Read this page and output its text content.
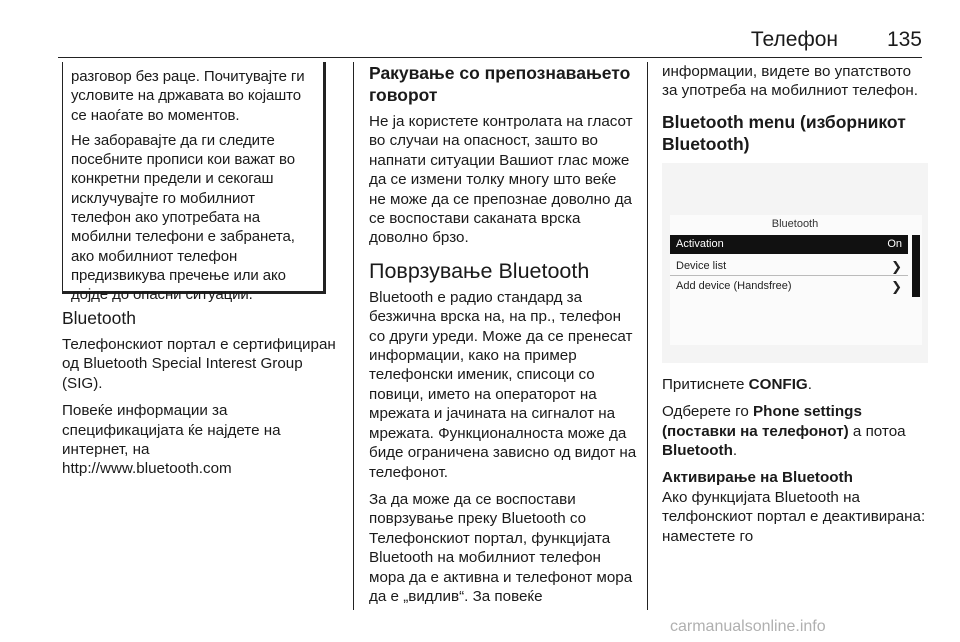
Телефон 135

разговор без раце. Почитувајте ги условите на државата во којашто се наоѓате во моментов.

Не заборавајте да ги следите посебните прописи кои важат во конкретни предели и секогаш исклучувајте го мобилниот телефон ако употребата на мобилни телефони е забранета, ако мобилниот телефон предизвикува пречење или ако дојде до опасни ситуации.

Bluetooth

Телефонскиот портал е сертифициран од Bluetooth Special Interest Group (SIG).

Повеќе информации за спецификацијата ќе најдете на интернет, на

http://www.bluetooth.com

Ракување со препознавањето говорот

Не ја користете контролата на гласот во случаи на опасност, зашто во напнати ситуации Вашиот глас може да се измени толку многу што веќе не може да се препознае доволно да се воспостави саканата врска доволно брзо.

Поврзување Bluetooth

Bluetooth е радио стандард за безжична врска на, на пр., телефон со други уреди. Може да се пренесат информации, како на пример телефонски именик, списоци со повици, името на операторот на мрежата и јачината на сигналот на мрежата. Функционалноста може да биде ограничена зависно од видот на телефонот.

За да може да се воспостави поврзување преку Bluetooth со Телефонскиот портал, функцијата Bluetooth на мобилниот телефон мора да е активна и телефонот мора да е „видлив“. За повеќе

информации, видете во упатството за употреба на мобилниот телефон.

Bluetooth menu (изборникот Bluetooth)
Bluetooth
Activation	On
Device list	❯
Add device (Handsfree)	❯

Притиснете CONFIG.

Одберете го Phone settings (поставки на телефонот) а потоа Bluetooth.

Активирање на Bluetooth

Ако функцијата Bluetooth на телфонскиот портал е деактивирана: наместете го

carmanualsonline.info
